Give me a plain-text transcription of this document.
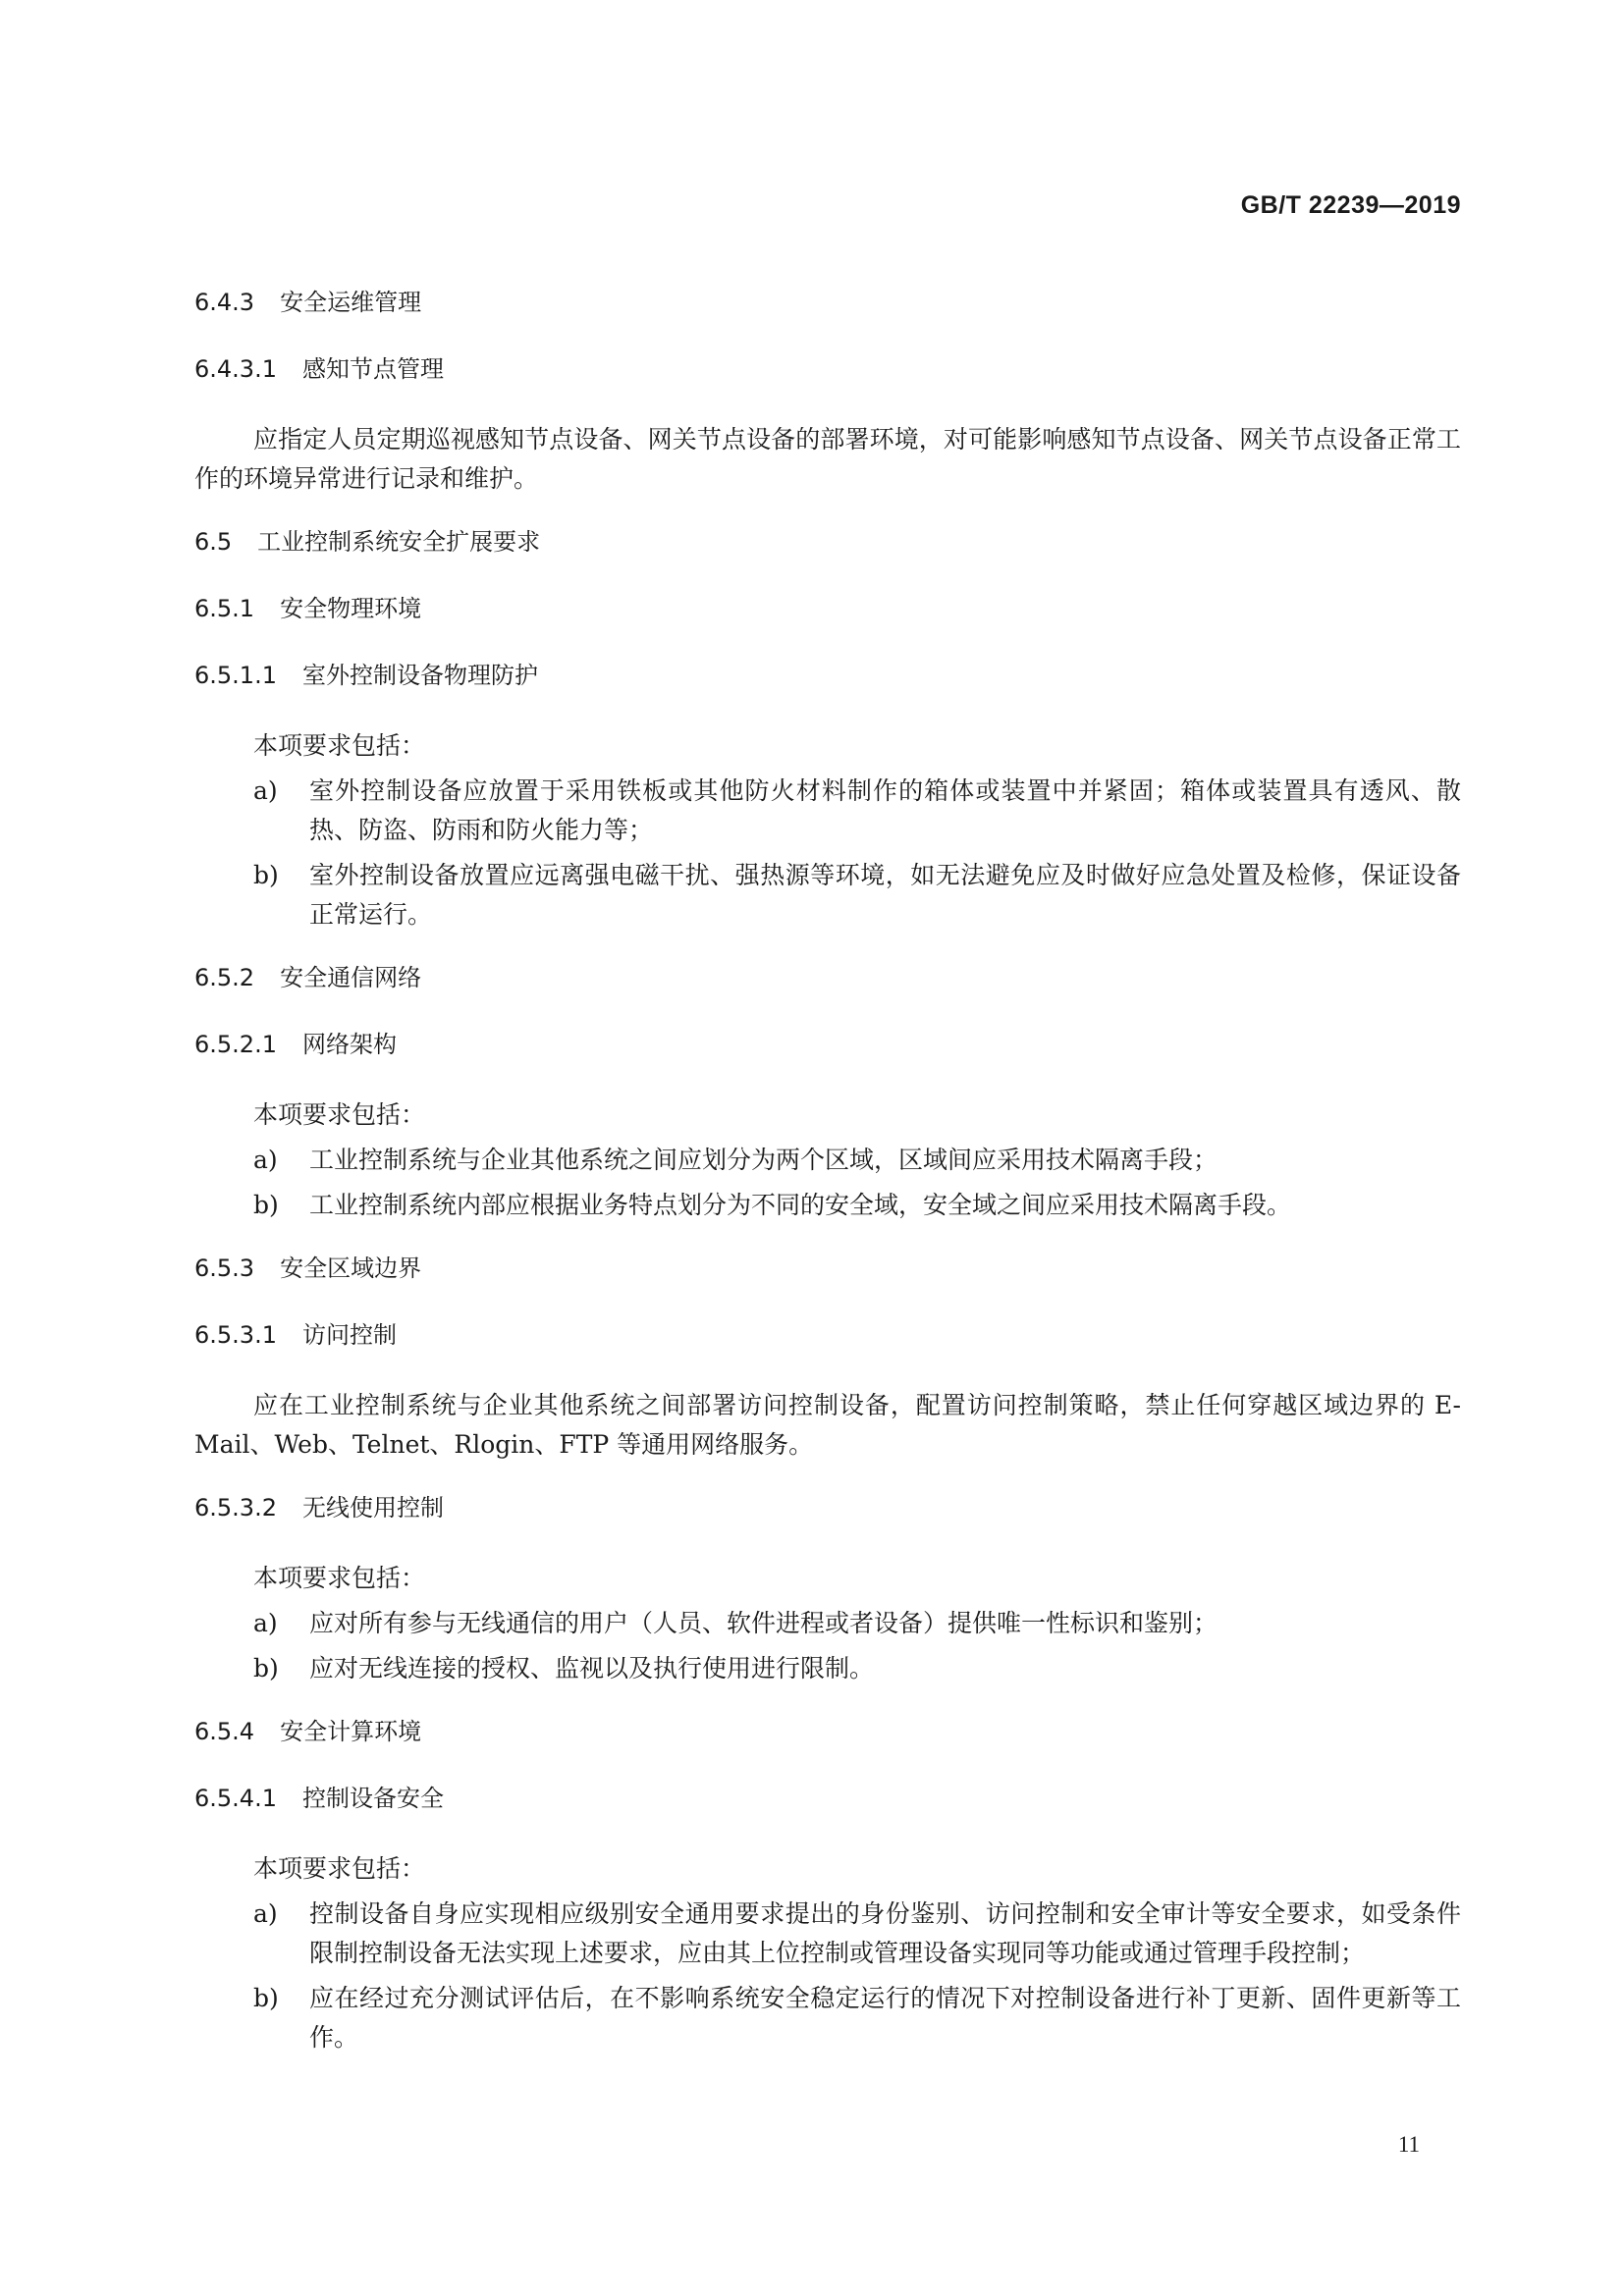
GB/T 22239—2019
6.4.3 安全运维管理
6.4.3.1 感知节点管理

应指定人员定期巡视感知节点设备、网关节点设备的部署环境，对可能影响感知节点设备、网关节点设备正常工作的环境异常进行记录和维护。

6.5 工业控制系统安全扩展要求
6.5.1 安全物理环境
6.5.1.1 室外控制设备物理防护

本项要求包括：

a) 室外控制设备应放置于采用铁板或其他防火材料制作的箱体或装置中并紧固；箱体或装置具有透风、散热、防盗、防雨和防火能力等；
b) 室外控制设备放置应远离强电磁干扰、强热源等环境，如无法避免应及时做好应急处置及检修，保证设备正常运行。
6.5.2 安全通信网络
6.5.2.1 网络架构

本项要求包括：

a) 工业控制系统与企业其他系统之间应划分为两个区域，区域间应采用技术隔离手段；
b) 工业控制系统内部应根据业务特点划分为不同的安全域，安全域之间应采用技术隔离手段。
6.5.3 安全区域边界
6.5.3.1 访问控制

应在工业控制系统与企业其他系统之间部署访问控制设备，配置访问控制策略，禁止任何穿越区域边界的 E-Mail、Web、Telnet、Rlogin、FTP 等通用网络服务。

6.5.3.2 无线使用控制

本项要求包括：

a) 应对所有参与无线通信的用户（人员、软件进程或者设备）提供唯一性标识和鉴别；
b) 应对无线连接的授权、监视以及执行使用进行限制。
6.5.4 安全计算环境
6.5.4.1 控制设备安全

本项要求包括：

a) 控制设备自身应实现相应级别安全通用要求提出的身份鉴别、访问控制和安全审计等安全要求，如受条件限制控制设备无法实现上述要求，应由其上位控制或管理设备实现同等功能或通过管理手段控制；
b) 应在经过充分测试评估后，在不影响系统安全稳定运行的情况下对控制设备进行补丁更新、固件更新等工作。
11
